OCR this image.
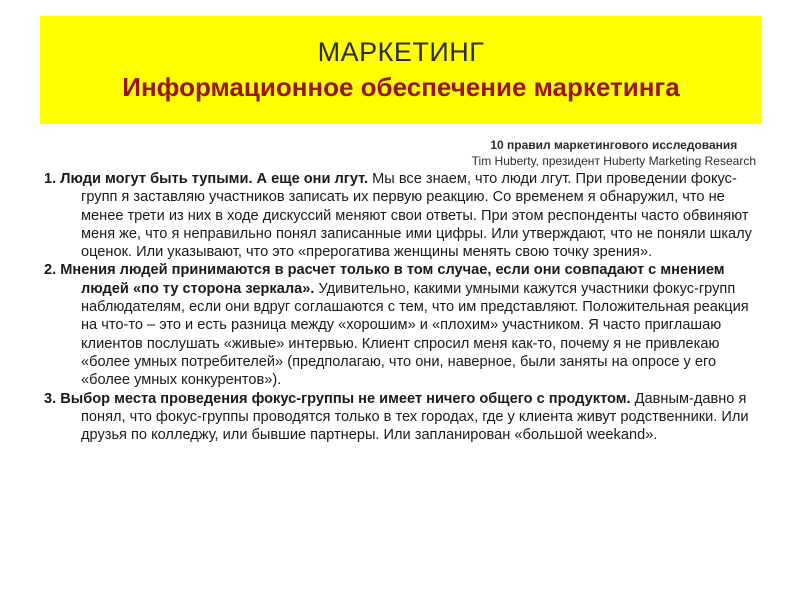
МАРКЕТИНГ
Информационное обеспечение маркетинга
10 правил маркетингового исследования
Tim Huberty, президент Huberty Marketing Research
1. Люди могут быть тупыми. А еще они лгут. Мы все знаем, что люди лгут. При проведении фокус-групп я заставляю участников записать их первую реакцию. Со временем я обнаружил, что не менее трети из них в ходе дискуссий меняют свои ответы. При этом респонденты часто обвиняют меня же, что я неправильно понял записанные ими цифры. Или утверждают, что не поняли шкалу оценок. Или указывают, что это «прерогатива женщины менять свою точку зрения».
2. Мнения людей принимаются в расчет только в том случае, если они совпадают с мнением людей «по ту сторона зеркала». Удивительно, какими умными кажутся участники фокус-групп наблюдателям, если они вдруг соглашаются с тем, что им представляют. Положительная реакция на что-то – это и есть разница между «хорошим» и «плохим» участником. Я часто приглашаю клиентов послушать «живые» интервью. Клиент спросил меня как-то, почему я не привлекаю «более умных потребителей» (предполагаю, что они, наверное, были заняты на опросе у его «более умных конкурентов»).
3. Выбор места проведения фокус-группы не имеет ничего общего с продуктом. Давным-давно я понял, что фокус-группы проводятся только в тех городах, где у клиента живут родственники. Или друзья по колледжу, или бывшие партнеры. Или запланирован «большой weekand».
